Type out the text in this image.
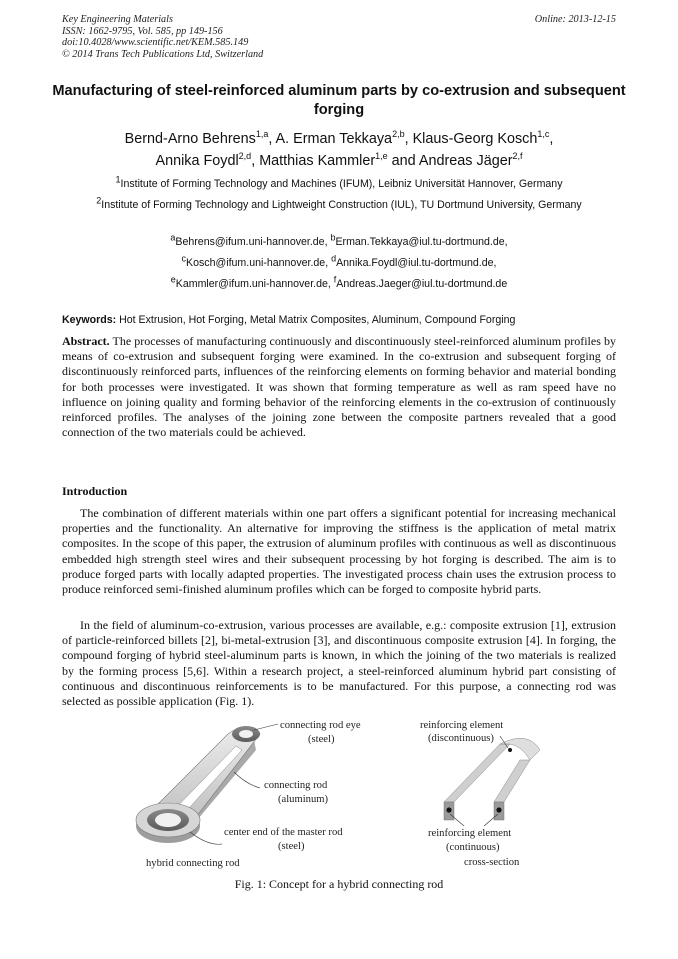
Key Engineering Materials
ISSN: 1662-9795, Vol. 585, pp 149-156
doi:10.4028/www.scientific.net/KEM.585.149
© 2014 Trans Tech Publications Ltd, Switzerland
Online: 2013-12-15
Manufacturing of steel-reinforced aluminum parts by co-extrusion and subsequent forging
Bernd-Arno Behrens$^{1,a}$, A. Erman Tekkaya$^{2,b}$, Klaus-Georg Kosch$^{1,c}$,
Annika Foydl$^{2,d}$, Matthias Kammler$^{1,e}$ and Andreas Jäger$^{2,f}$
$^1$Institute of Forming Technology and Machines (IFUM), Leibniz Universität Hannover, Germany
$^2$Institute of Forming Technology and Lightweight Construction (IUL), TU Dortmund University, Germany
$^a$Behrens@ifum.uni-hannover.de, $^b$Erman.Tekkaya@iul.tu-dortmund.de,
$^c$Kosch@ifum.uni-hannover.de, $^d$Annika.Foydl@iul.tu-dortmund.de,
$^e$Kammler@ifum.uni-hannover.de, $^f$Andreas.Jaeger@iul.tu-dortmund.de
Keywords: Hot Extrusion, Hot Forging, Metal Matrix Composites, Aluminum, Compound Forging
Abstract. The processes of manufacturing continuously and discontinuously steel-reinforced aluminum profiles by means of co-extrusion and subsequent forging were examined. In the co-extrusion and subsequent forging of discontinuously reinforced parts, influences of the reinforcing elements on forming behavior and material bonding for both processes were investigated. It was shown that forming temperature as well as ram speed have no influence on joining quality and forming behavior of the reinforcing elements in the co-extrusion of continuously reinforced profiles. The analyses of the joining zone between the composite partners revealed that a good connection of the two materials could be achieved.
Introduction
The combination of different materials within one part offers a significant potential for increasing mechanical properties and the functionality. An alternative for improving the stiffness is the application of metal matrix composites. In the scope of this paper, the extrusion of aluminum profiles with continuous as well as discontinuous embedded high strength steel wires and their subsequent processing by hot forging is described. The aim is to produce forged parts with locally adapted properties. The investigated process chain uses the extrusion process to produce reinforced semi-finished aluminum profiles which can be forged to composite hybrid parts.
In the field of aluminum-co-extrusion, various processes are available, e.g.: composite extrusion [1], extrusion of particle-reinforced billets [2], bi-metal-extrusion [3], and discontinuous composite extrusion [4]. In forging, the compound forging of hybrid steel-aluminum parts is known, in which the joining of the two materials is realized by the forming process [5,6]. Within a research project, a steel-reinforced aluminum hybrid part consisting of continuous and discontinuous reinforcements is to be manufactured. For this purpose, a connecting rod was selected as possible application (Fig. 1).
connecting rod eye
(steel)
connecting rod
(aluminum)
center end of the master rod
(steel)
hybrid connecting rod
reinforcing element
(discontinuous)
reinforcing element
(continuous)
cross-section
Fig. 1: Concept for a hybrid connecting rod
